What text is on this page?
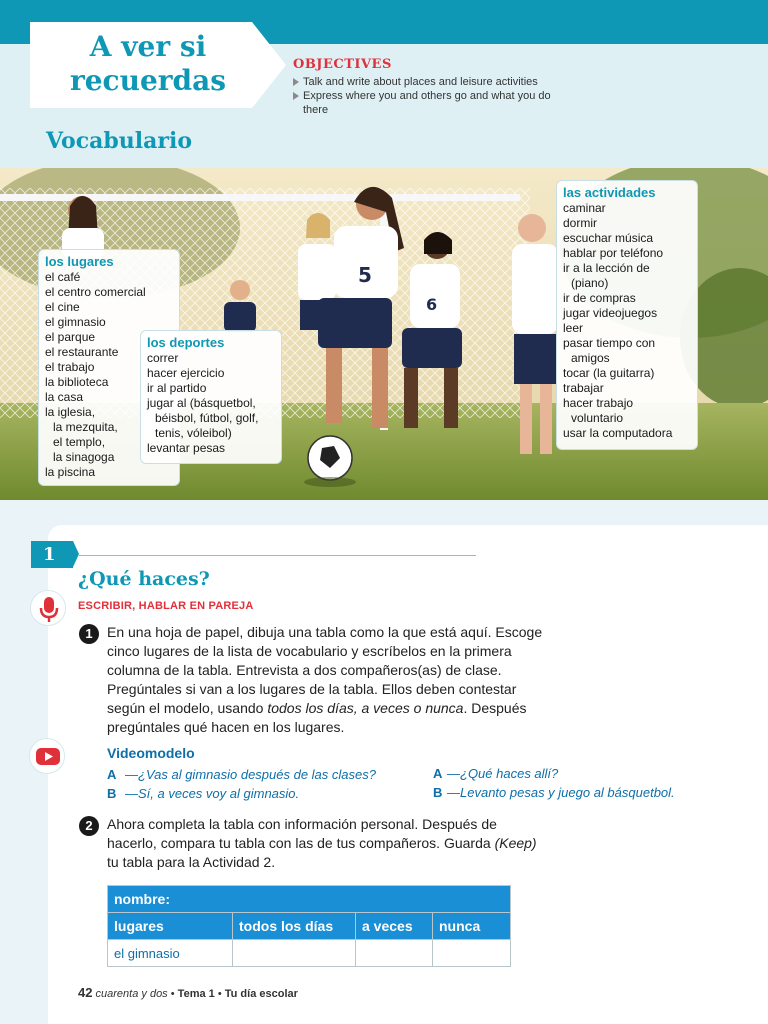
A ver si
recuerdas	OBJECTIVES
Talk and write about places and leisure activities
Express where you and others go and what you do there
Vocabulario
5
6
los lugares
el café
el centro comercial
el cine
el gimnasio
el parque
el restaurante
el trabajo
la biblioteca
la casa
la iglesia,
la mezquita,
el templo,
la sinagoga
la piscina
los deportes
correr
hacer ejercicio
ir al partido
jugar al (básquetbol,
béisbol, fútbol, golf,
tenis, vóleibol)
levantar pesas
las actividades
caminar
dormir
escuchar música
hablar por teléfono
ir a la lección de
(piano)
ir de compras
jugar videojuegos
leer
pasar tiempo con
amigos
tocar (la guitarra)
trabajar
hacer trabajo
voluntario
usar la computadora
1
¿Qué haces?
ESCRIBIR, HABLAR EN PAREJA
1	En una hoja de papel, dibuja una tabla como la que está aquí. Escoge
cinco lugares de la lista de vocabulario y escríbelos en la primera
columna de la tabla. Entrevista a dos compañeros(as) de clase.
Pregúntales si van a los lugares de la tabla. Ellos deben contestar
según el modelo, usando todos los días, a veces o nunca. Después
pregúntales qué hacen en los lugares.
Videomodelo
A —¿Vas al gimnasio después de las clases?
B —Sí, a veces voy al gimnasio.
A —¿Qué haces allí?
B —Levanto pesas y juego al básquetbol.
2	Ahora completa la tabla con información personal. Después de
hacerlo, compara tu tabla con las de tus compañeros. Guarda (Keep)
tu tabla para la Actividad 2.
nombre:			
lugares	todos los días	a veces	nunca
el gimnasio			
42 cuarenta y dos • Tema 1 • Tu día escolar
